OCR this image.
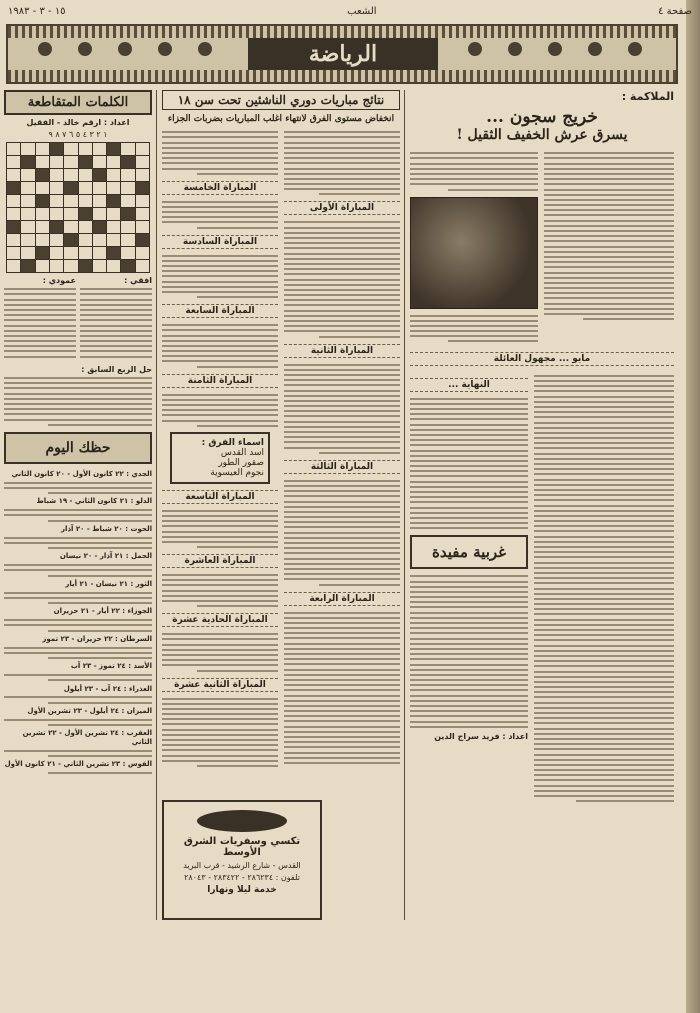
صفحة ٤
الشعب
١٥ - ٣ - ١٩٨٣
الرياضة
الملاكمة :
خريج سجون ...
يسرق عرش الخفيف الثقيل !
مايو ... مجهول العائلة
النهاية ...
غربية مفيدة
اعداد : فريد سراج الدين
نتائج مباريات دوري الناشئين تحت سن ١٨
انخفاض مستوى الفرق لانتهاء اغلب المباريات بضربات الجزاء
المباراة الأولى
المباراة الثانية
المباراة الثالثة
المباراة الرابعة
المباراة الخامسة
المباراة السادسة
المباراة السابعة
المباراة الثامنة
اسماء الفرق :
اسد القدس
صقور الطور
نجوم العيسوية
المباراة التاسعة
المباراة العاشرة
المباراة الحادية عشرة
المباراة الثانية عشرة
تكسي وسفريات الشرق الأوسط
القدس - شارع الرشيد - قرب البريد
تلفون : ٢٨٦٢٣٤ - ٢٨٣٤٢٢ - ٢٨٠٤٣
خدمة ليلا ونهارا
الكلمات المتقاطعة
اعداد : ارقم خالد - الفقيل
١ ٢ ٣ ٤ ٥ ٦ ٧ ٨ ٩
افقي :
عمودي :
حل الربع السابق :
حظك اليوم
الجدي : ٢٢ كانون الأول - ٢٠ كانون الثاني
الدلو : ٢١ كانون الثاني - ١٩ شباط
الحوت : ٢٠ شباط - ٢٠ آذار
الحمل : ٢١ آذار - ٢٠ نيسان
الثور : ٢١ نيسان - ٢١ أيار
الجوزاء : ٢٢ أيار - ٢١ حزيران
السرطان : ٢٢ حزيران - ٢٣ تموز
الأسد : ٢٤ تموز - ٢٣ آب
العذراء : ٢٤ آب - ٢٣ أيلول
الميزان : ٢٤ أيلول - ٢٣ تشرين الأول
العقرب : ٢٤ تشرين الأول - ٢٢ تشرين الثاني
القوس : ٢٣ تشرين الثاني - ٢١ كانون الأول
